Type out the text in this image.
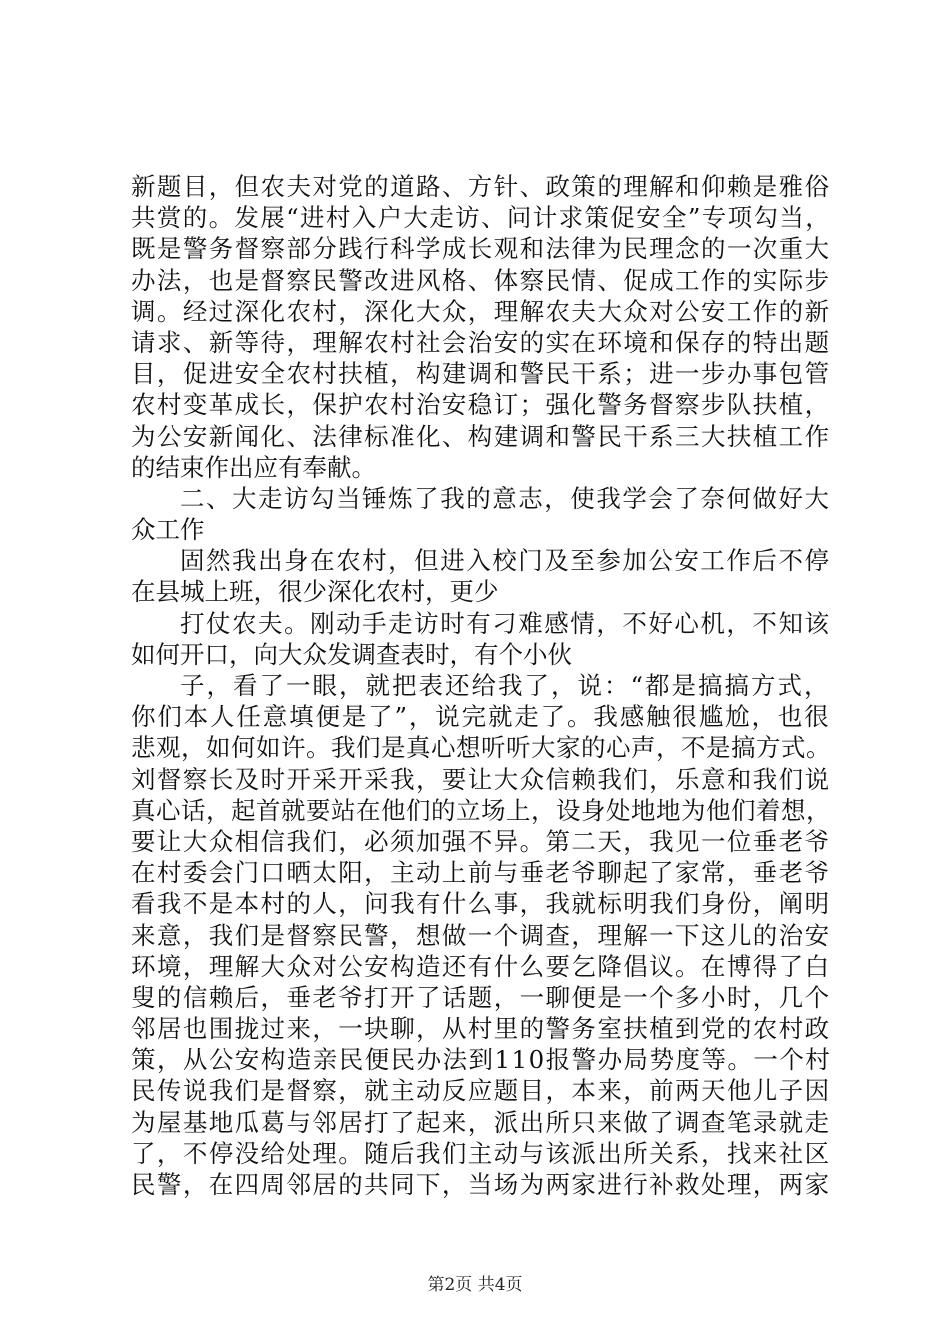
新题目，但农夫对党的道路、方针、政策的理解和仰赖是雅俗
共赏的。发展“进村入户大走访、问计求策促安全”专项勾当，
既是警务督察部分践行科学成长观和法律为民理念的一次重大
办法，也是督察民警改进风格、体察民情、促成工作的实际步
调。经过深化农村，深化大众，理解农夫大众对公安工作的新
请求、新等待，理解农村社会治安的实在环境和保存的特出题
目，促进安全农村扶植，构建调和警民干系；进一步办事包管
农村变革成长，保护农村治安稳订；强化警务督察步队扶植，
为公安新闻化、法律标准化、构建调和警民干系三大扶植工作
的结束作出应有奉献。
二、大走访勾当锤炼了我的意志，使我学会了奈何做好大
众工作
固然我出身在农村，但进入校门及至参加公安工作后不停
在县城上班，很少深化农村，更少
打仗农夫。刚动手走访时有刁难感情，不好心机，不知该
如何开口，向大众发调查表时，有个小伙
子，看了一眼，就把表还给我了，说：“都是搞搞方式，
你们本人任意填便是了”，说完就走了。我感触很尴尬，也很
悲观，如何如许。我们是真心想听听大家的心声，不是搞方式。
刘督察长及时开采开采我，要让大众信赖我们，乐意和我们说
真心话，起首就要站在他们的立场上，设身处地地为他们着想，
要让大众相信我们，必须加强不异。第二天，我见一位垂老爷
在村委会门口晒太阳，主动上前与垂老爷聊起了家常，垂老爷
看我不是本村的人，问我有什么事，我就标明我们身份，阐明
来意，我们是督察民警，想做一个调查，理解一下这儿的治安
环境，理解大众对公安构造还有什么要乞降倡议。在博得了白
叟的信赖后，垂老爷打开了话题，一聊便是一个多小时，几个
邻居也围拢过来，一块聊，从村里的警务室扶植到党的农村政
策，从公安构造亲民便民办法到110报警办局势度等。一个村
民传说我们是督察，就主动反应题目，本来，前两天他儿子因
为屋基地瓜葛与邻居打了起来，派出所只来做了调查笔录就走
了，不停没给处理。随后我们主动与该派出所关系，找来社区
民警，在四周邻居的共同下，当场为两家进行补救处理，两家
第2页 共4页
